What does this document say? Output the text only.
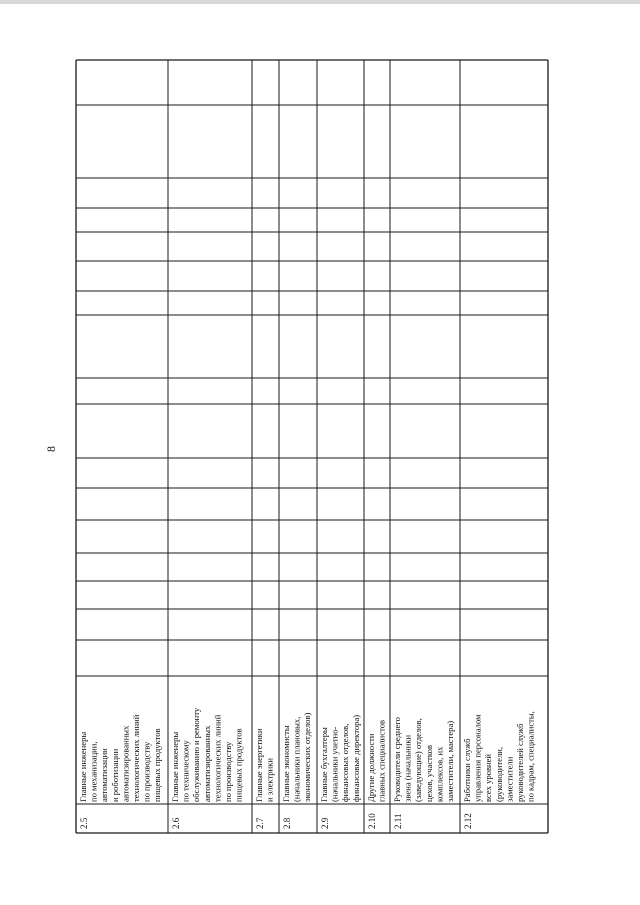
8
2.5
Главные инженеры по механизации, автоматизации и роботизации автоматизированных технологических линий по производству пищевых продуктов
2.6
Главные инженеры по техническому обслуживанию и ремонту автоматизированных технологических линий по производству пищевых продуктов
2.7
Главные энергетики и электрики
2.8
Главные экономисты (начальники плановых, экономических отделов)
2.9
Главные бухгалтеры (начальники учетно- финансовых отделов, финансовые директора)
2.10
Другие должности главных специалистов
2.11
Руководители среднего звена (начальники (заведующие) отделов, цехов, участков комплексов, их заместители, мастера)
2.12
Работники служб управления персоналом всех уровней (руководители, заместители руководителей служб по кадрам, специалисты,
